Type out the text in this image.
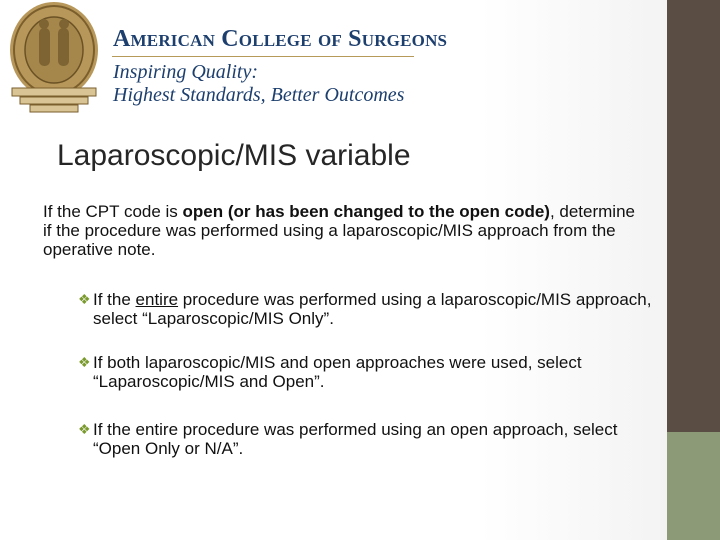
American College of Surgeons

Inspiring Quality:
Highest Standards, Better Outcomes

Laparoscopic/MIS variable

If the CPT code is open (or has been changed to the open code), determine if the procedure was performed using a laparoscopic/MIS approach from the operative note.

❖ If the entire procedure was performed using a laparoscopic/MIS approach, select “Laparoscopic/MIS Only”.

❖ If both laparoscopic/MIS and open approaches were used, select “Laparoscopic/MIS and Open”.

❖ If the entire procedure was performed using an open approach, select “Open Only or N/A”.
